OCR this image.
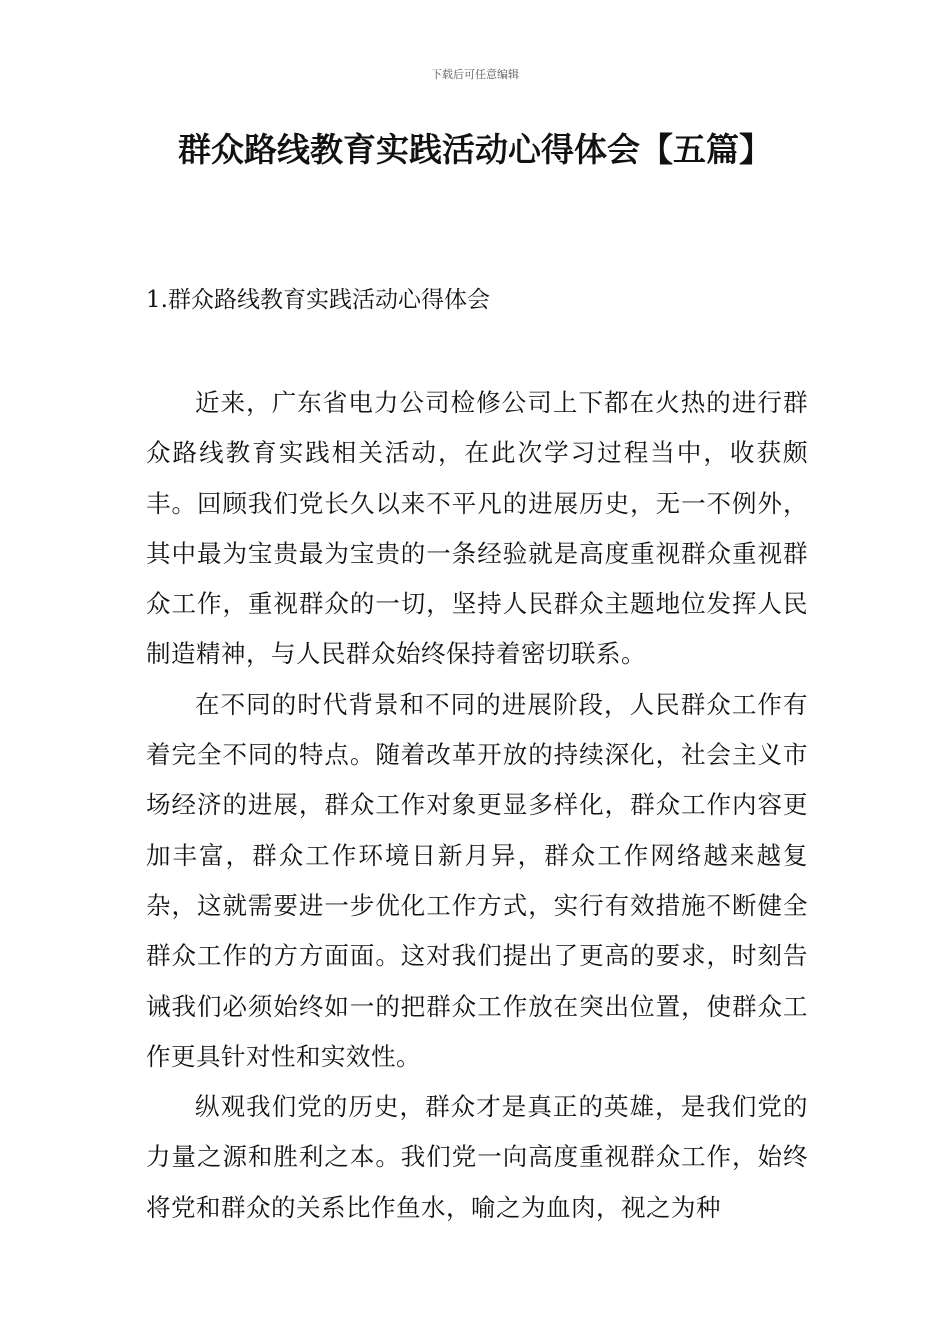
下载后可任意编辑
群众路线教育实践活动心得体会【五篇】
1.群众路线教育实践活动心得体会

近来，广东省电力公司检修公司上下都在火热的进行群众路线教育实践相关活动，在此次学习过程当中，收获颇丰。回顾我们党长久以来不平凡的进展历史，无一不例外，其中最为宝贵最为宝贵的一条经验就是高度重视群众重视群众工作，重视群众的一切，坚持人民群众主题地位发挥人民制造精神，与人民群众始终保持着密切联系。

在不同的时代背景和不同的进展阶段，人民群众工作有着完全不同的特点。随着改革开放的持续深化，社会主义市场经济的进展，群众工作对象更显多样化，群众工作内容更加丰富，群众工作环境日新月异，群众工作网络越来越复杂，这就需要进一步优化工作方式，实行有效措施不断健全群众工作的方方面面。这对我们提出了更高的要求，时刻告诫我们必须始终如一的把群众工作放在突出位置，使群众工作更具针对性和实效性。

纵观我们党的历史，群众才是真正的英雄，是我们党的力量之源和胜利之本。我们党一向高度重视群众工作，始终将党和群众的关系比作鱼水，喻之为血肉，视之为种
